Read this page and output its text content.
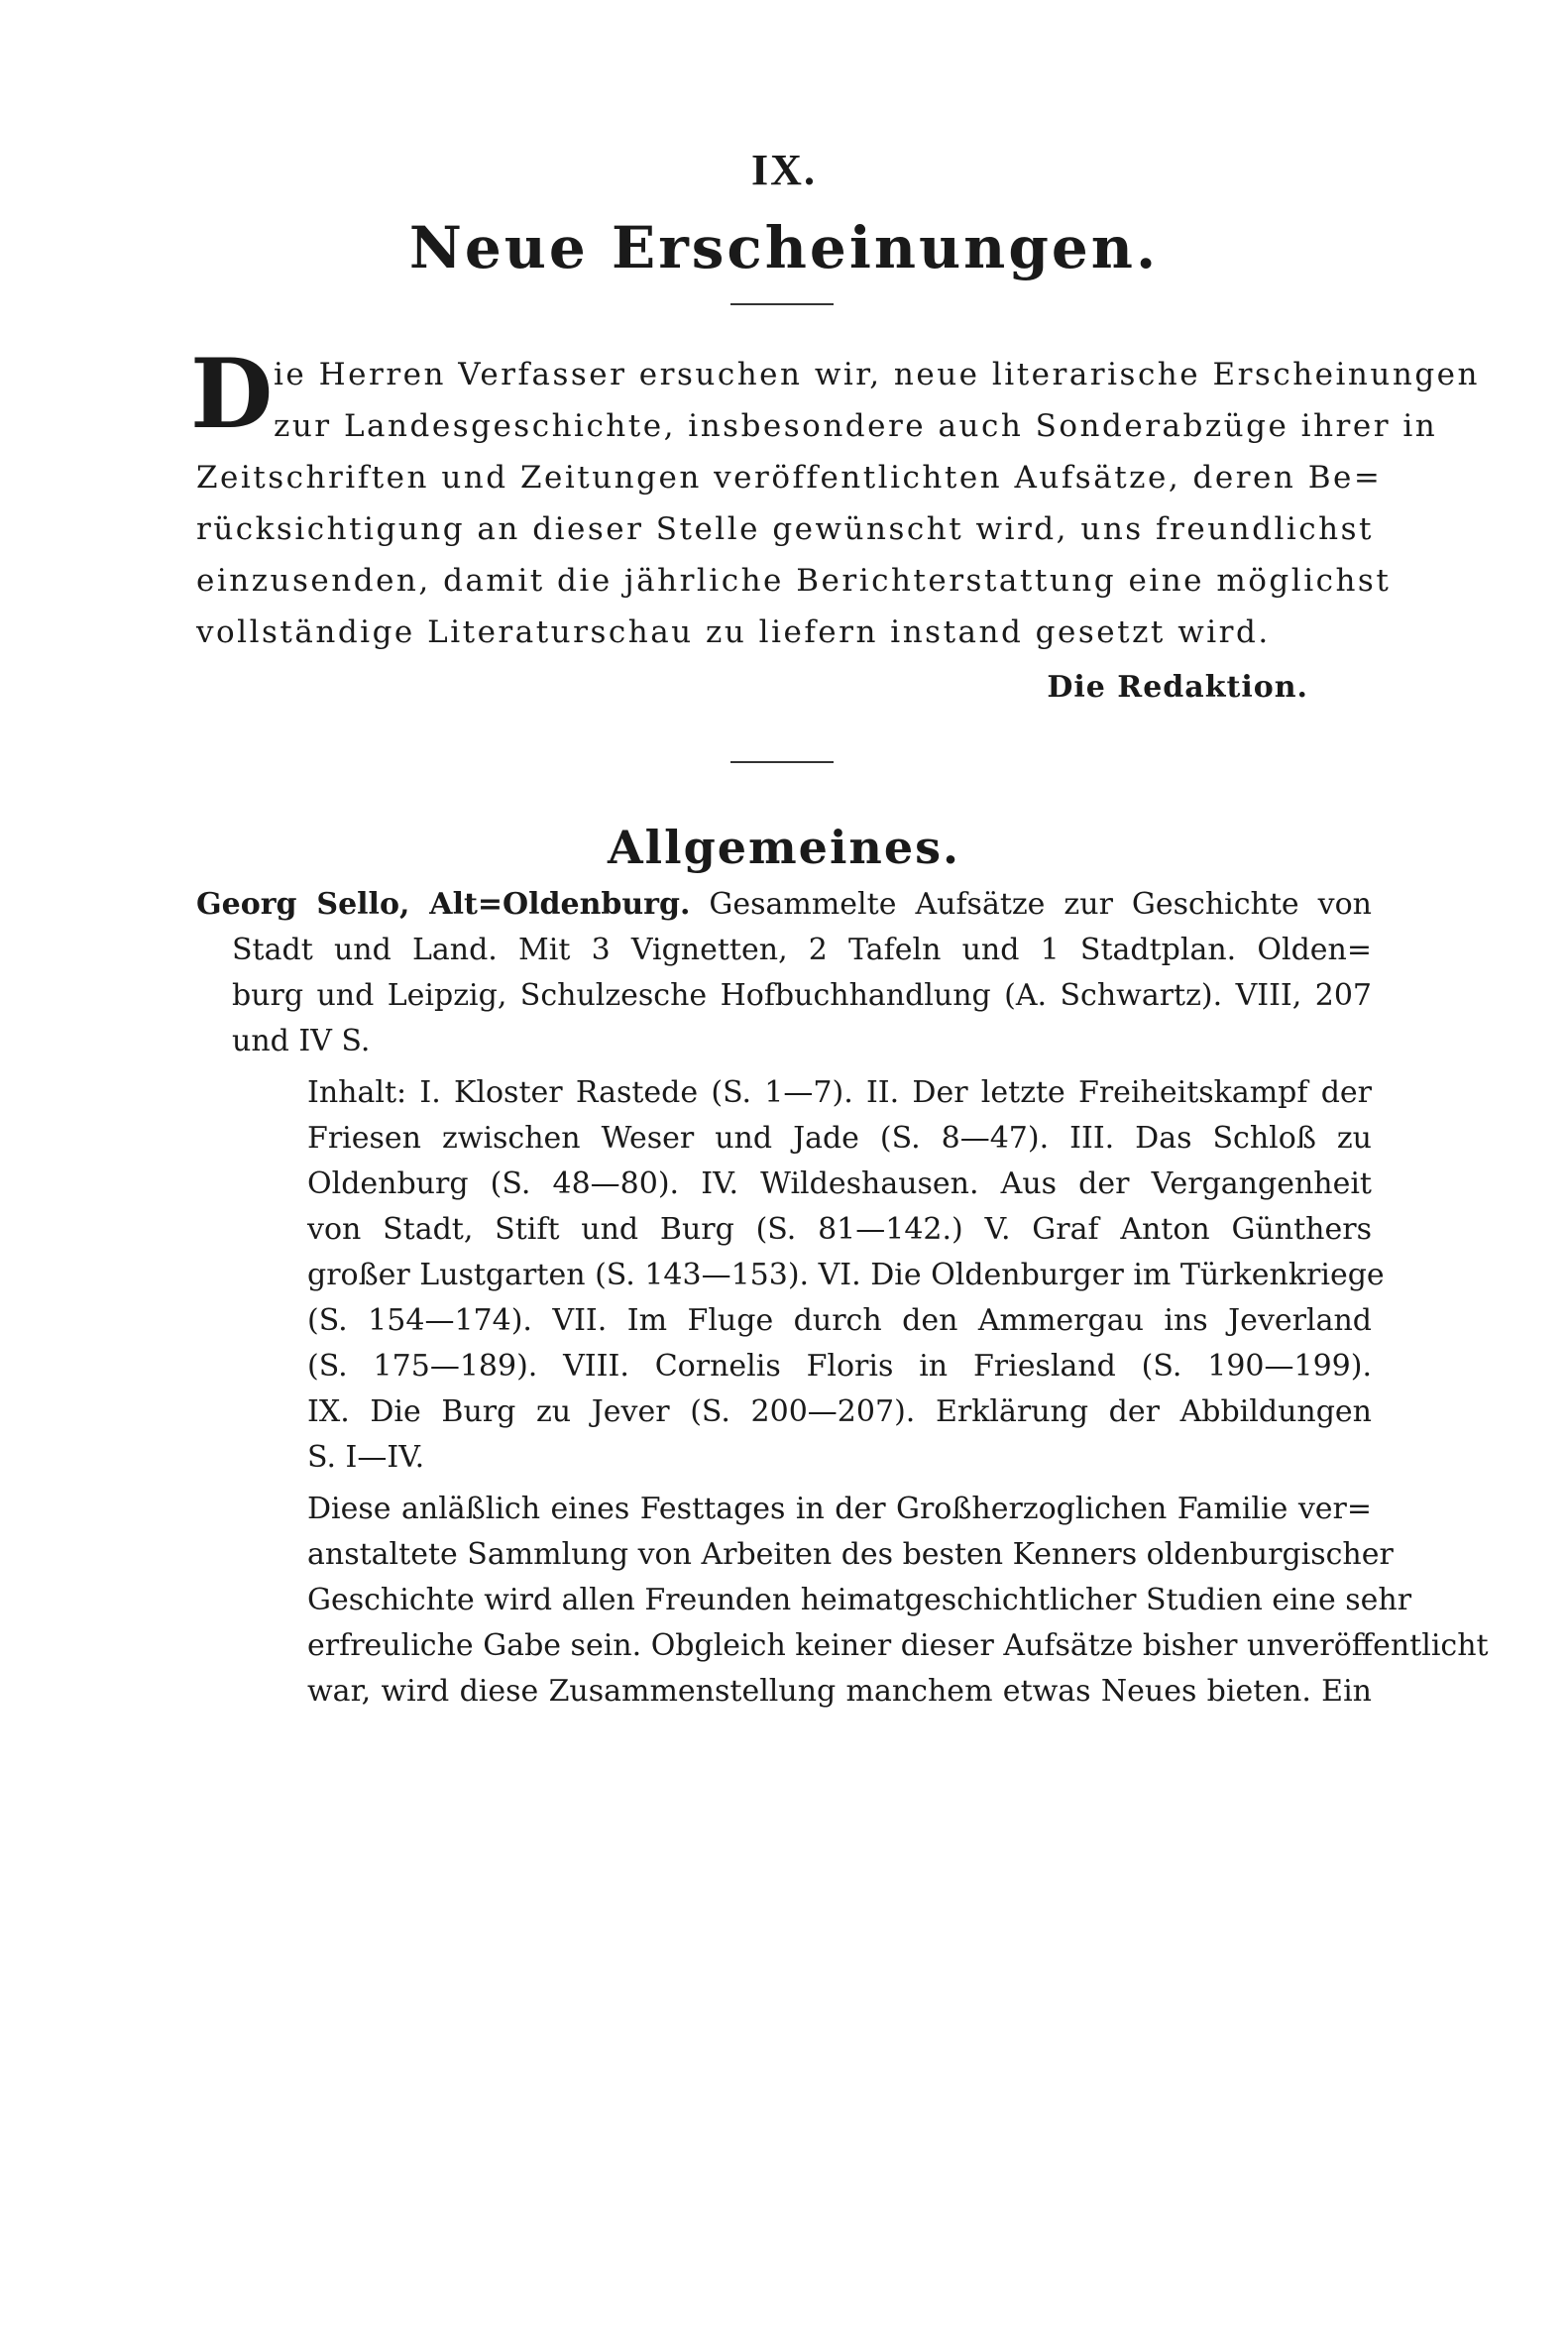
IX.
Neue Erscheinungen.
D ie Herren Verfasser ersuchen wir, neue literarische Erscheinungen
zur Landesgeschichte, insbesondere auch Sonderabzüge ihrer in
Zeitschriften und Zeitungen veröffentlichten Aufsätze, deren Be=
rücksichtigung an dieser Stelle gewünscht wird, uns freundlichst
einzusenden, damit die jährliche Berichterstattung eine möglichst
vollständige Literaturschau zu liefern instand gesetzt wird.
Die Redaktion.
Allgemeines.
Georg Sello, Alt=Oldenburg. Gesammelte Aufsätze zur Geschichte von
Stadt und Land. Mit 3 Vignetten, 2 Tafeln und 1 Stadtplan. Olden=
burg und Leipzig, Schulzesche Hofbuchhandlung (A. Schwartz). VIII, 207
und IV S.
Inhalt: I. Kloster Rastede (S. 1—7). II. Der letzte Freiheitskampf der
Friesen zwischen Weser und Jade (S. 8—47). III. Das Schloß zu
Oldenburg (S. 48—80). IV. Wildeshausen. Aus der Vergangenheit
von Stadt, Stift und Burg (S. 81—142.) V. Graf Anton Günthers
großer Lustgarten (S. 143—153). VI. Die Oldenburger im Türkenkriege
(S. 154—174). VII. Im Fluge durch den Ammergau ins Jeverland
(S. 175—189). VIII. Cornelis Floris in Friesland (S. 190—199).
IX. Die Burg zu Jever (S. 200—207). Erklärung der Abbildungen
S. I—IV.
Diese anläßlich eines Festtages in der Großherzoglichen Familie ver=
anstaltete Sammlung von Arbeiten des besten Kenners oldenburgischer
Geschichte wird allen Freunden heimatgeschichtlicher Studien eine sehr
erfreuliche Gabe sein. Obgleich keiner dieser Aufsätze bisher unveröffentlicht
war, wird diese Zusammenstellung manchem etwas Neues bieten. Ein
